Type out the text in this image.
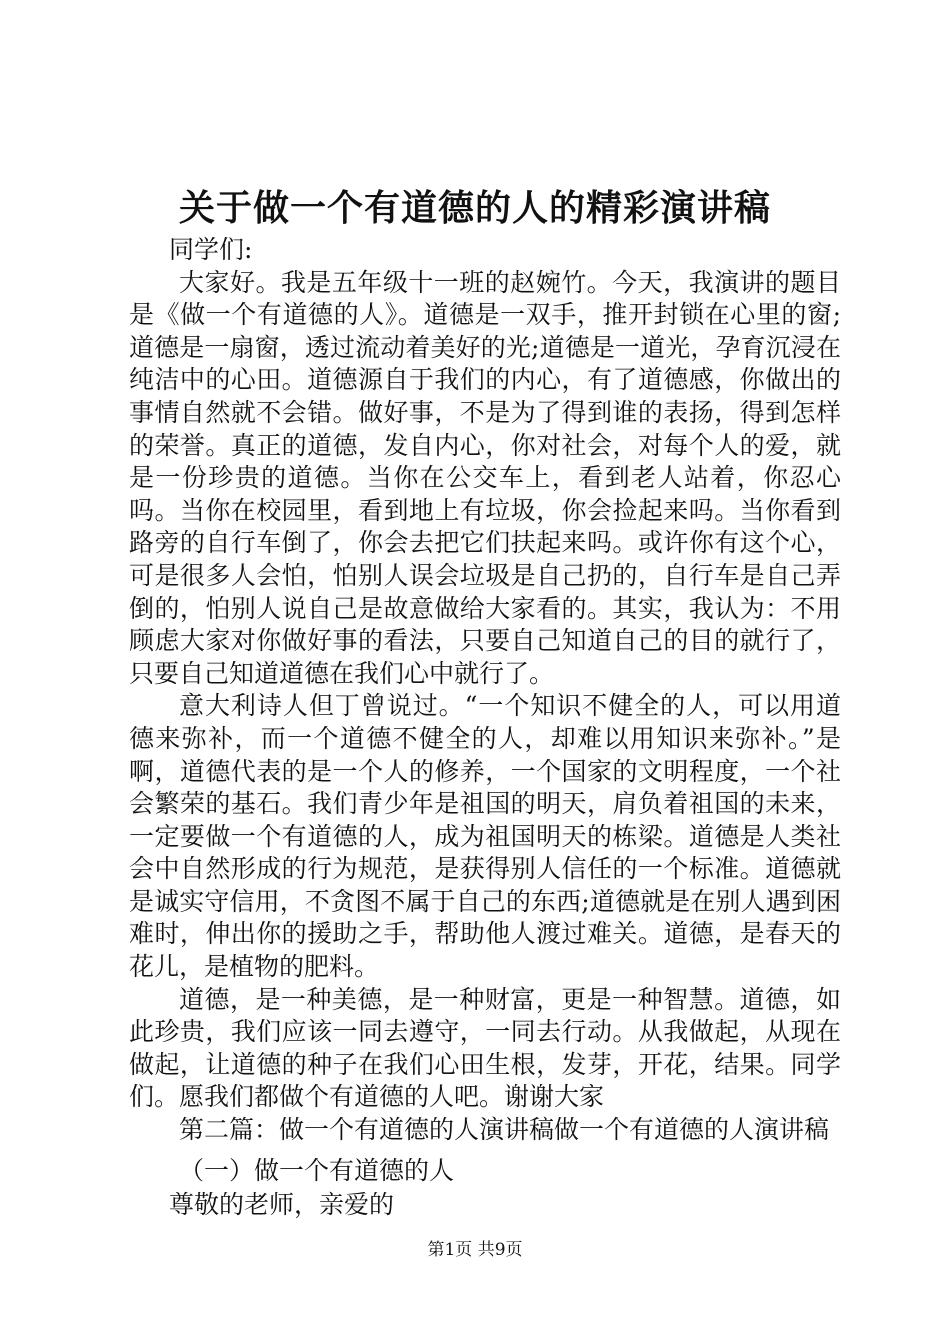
关于做一个有道德的人的精彩演讲稿

同学们:

大家好。我是五年级十一班的赵婉竹。今天，我演讲的题目是《做一个有道德的人》。道德是一双手，推开封锁在心里的窗;道德是一扇窗，透过流动着美好的光;道德是一道光，孕育沉浸在纯洁中的心田。道德源自于我们的内心，有了道德感，你做出的事情自然就不会错。做好事，不是为了得到谁的表扬，得到怎样的荣誉。真正的道德，发自内心，你对社会，对每个人的爱，就是一份珍贵的道德。当你在公交车上，看到老人站着，你忍心吗。当你在校园里，看到地上有垃圾，你会捡起来吗。当你看到路旁的自行车倒了，你会去把它们扶起来吗。或许你有这个心，可是很多人会怕，怕别人误会垃圾是自己扔的，自行车是自己弄倒的，怕别人说自己是故意做给大家看的。其实，我认为：不用顾虑大家对你做好事的看法，只要自己知道自己的目的就行了，只要自己知道道德在我们心中就行了。

意大利诗人但丁曾说过。“一个知识不健全的人，可以用道德来弥补，而一个道德不健全的人，却难以用知识来弥补。”是啊，道德代表的是一个人的修养，一个国家的文明程度，一个社会繁荣的基石。我们青少年是祖国的明天，肩负着祖国的未来，一定要做一个有道德的人，成为祖国明天的栋梁。道德是人类社会中自然形成的行为规范，是获得别人信任的一个标准。道德就是诚实守信用，不贪图不属于自己的东西;道德就是在别人遇到困难时，伸出你的援助之手，帮助他人渡过难关。道德，是春天的花儿，是植物的肥料。

道德，是一种美德，是一种财富，更是一种智慧。道德，如此珍贵，我们应该一同去遵守，一同去行动。从我做起，从现在做起，让道德的种子在我们心田生根，发芽，开花，结果。同学们。愿我们都做个有道德的人吧。谢谢大家

第二篇：做一个有道德的人演讲稿做一个有道德的人演讲稿

（一）做一个有道德的人

尊敬的老师，亲爱的

第1页 共9页
